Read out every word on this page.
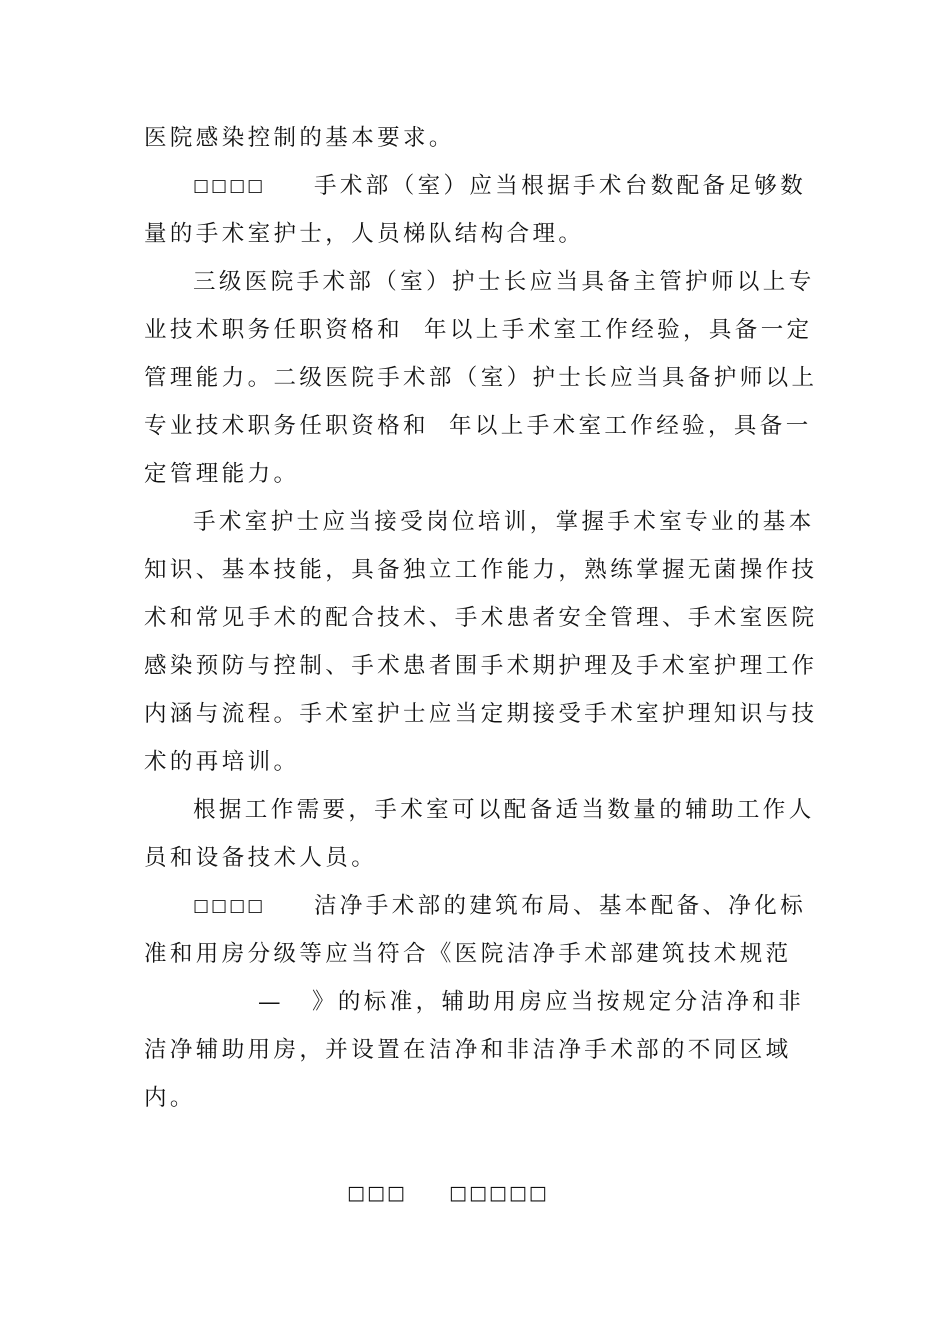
医院感染控制的基本要求。
□□□□ 手术部（室）应当根据手术台数配备足够数
量的手术室护士，人员梯队结构合理。
三级医院手术部（室）护士长应当具备主管护师以上专
业技术职务任职资格和 年以上手术室工作经验，具备一定
管理能力。二级医院手术部（室）护士长应当具备护师以上
专业技术职务任职资格和 年以上手术室工作经验，具备一
定管理能力。
手术室护士应当接受岗位培训，掌握手术室专业的基本
知识、基本技能，具备独立工作能力，熟练掌握无菌操作技
术和常见手术的配合技术、手术患者安全管理、手术室医院
感染预防与控制、手术患者围手术期护理及手术室护理工作
内涵与流程。手术室护士应当定期接受手术室护理知识与技
术的再培训。
根据工作需要，手术室可以配备适当数量的辅助工作人
员和设备技术人员。
□□□□ 洁净手术部的建筑布局、基本配备、净化标
准和用房分级等应当符合《医院洁净手术部建筑技术规范
— 》的标准，辅助用房应当按规定分洁净和非
洁净辅助用房，并设置在洁净和非洁净手术部的不同区域
内。
□□□ □□□□□
